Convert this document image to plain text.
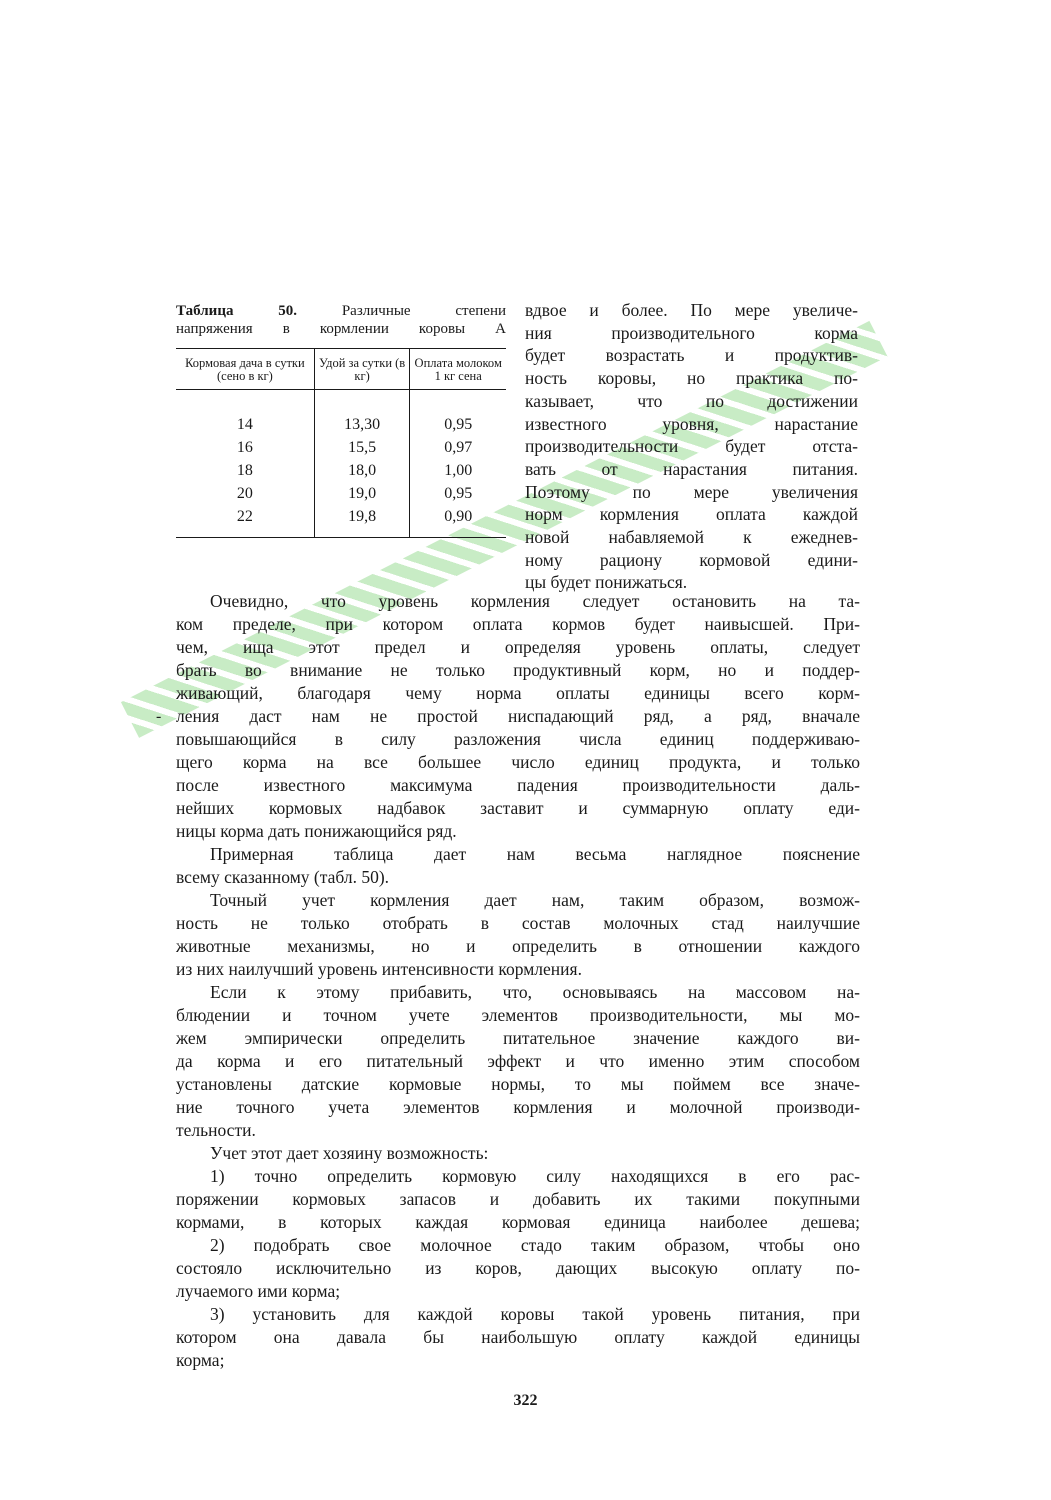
Таблица 50.	Различные степени
напряжения в кормлении коровы А
Кормовая дача в сутки (сено в кг)	Удой за сутки (в кг)	Оплата молоком 1 кг сена
14	13,30	0,95
16	15,5	0,97
18	18,0	1,00
20	19,0	0,95
22	19,8	0,90
вдвое и более. По мере увеличе-
ния производительного корма
будет возрастать и продуктив-
ность коровы, но практика по-
казывает, что по достижении
известного уровня, нарастание
производительности будет отста-
вать от нарастания питания.
Поэтому по мере увеличения
норм кормления оплата каждой
новой набавляемой к ежеднев-
ному рациону кормовой едини-
цы будет понижаться.
-
Очевидно, что уровень кормления следует остановить на та-
ком пределе, при котором оплата кормов будет наивысшей. При-
чем, ища этот предел и определяя уровень оплаты, следует
брать во внимание не только продуктивный корм, но и поддер-
живающий, благодаря чему норма оплаты единицы всего корм-
ления даст нам не простой ниспадающий ряд, а ряд, вначале
повышающийся в силу разложения числа единиц поддерживаю-
щего корма на все большее число единиц продукта, и только
после известного максимума падения производительности даль-
нейших кормовых надбавок заставит и суммарную оплату еди-
ницы корма дать понижающийся ряд.
Примерная таблица дает нам весьма наглядное пояснение
всему сказанному (табл. 50).
Точный учет кормления дает нам, таким образом, возмож-
ность не только отобрать в состав молочных стад наилучшие
животные механизмы, но и определить в отношении каждого
из них наилучший уровень интенсивности кормления.
Если к этому прибавить, что, основываясь на массовом на-
блюдении и точном учете элементов производительности, мы мо-
жем эмпирически определить питательное значение каждого ви-
да корма и его питательный эффект и что именно этим способом
установлены датские кормовые нормы, то мы поймем все значе-
ние точного учета элементов кормления и молочной производи-
тельности.
Учет этот дает хозяину возможность:
1) точно определить кормовую силу находящихся в его рас-
поряжении кормовых запасов и добавить их такими покупными
кормами, в которых каждая кормовая единица наиболее дешева;
2) подобрать свое молочное стадо таким образом, чтобы оно
состояло исключительно из коров, дающих высокую оплату по-
лучаемого ими корма;
3) установить для каждой коровы такой уровень питания, при
котором она давала бы наибольшую оплату каждой единицы
корма;
322
